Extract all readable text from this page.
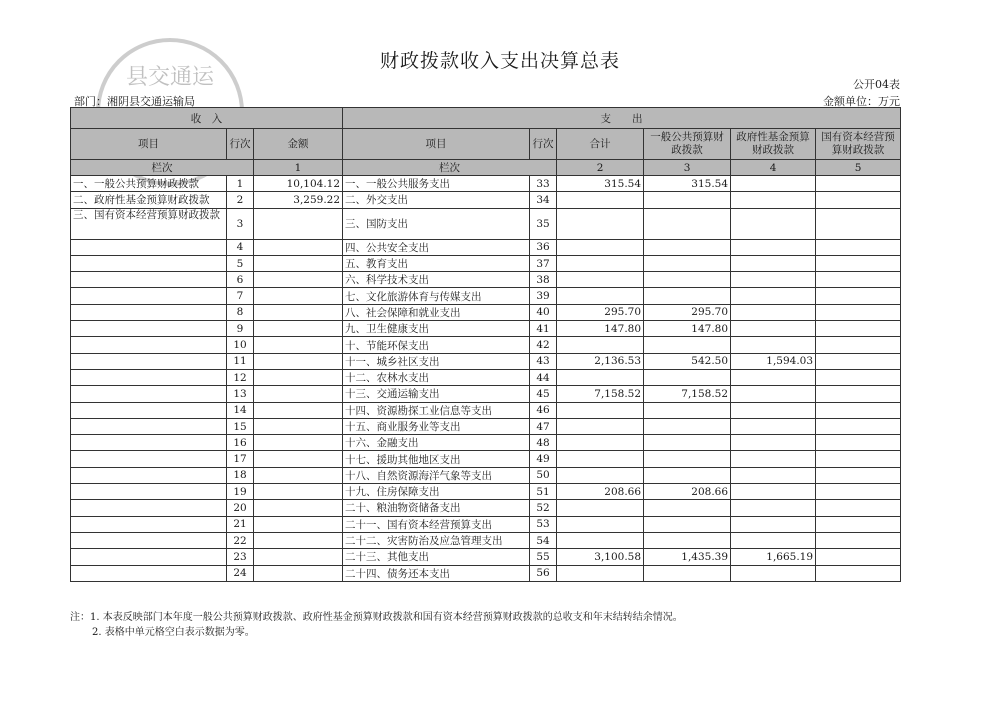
县交通运
财政拨款收入支出决算总表
公开04表
金额单位：万元
部门：湘阴县交通运输局
收　入			支　　出					
项目	行次	金额	项目	行次	合计	一般公共预算财政拨款	政府性基金预算财政拨款	国有资本经营预算财政拨款
栏次		1	栏次		2	3	4	5
一、一般公共预算财政拨款	1	10,104.12	一、一般公共服务支出	33	315.54	315.54		
二、政府性基金预算财政拨款	2	3,259.22	二、外交支出	34				
三、国有资本经营预算财政拨款	3		三、国防支出	35				
	4		四、公共安全支出	36				
	5		五、教育支出	37				
	6		六、科学技术支出	38				
	7		七、文化旅游体育与传媒支出	39				
	8		八、社会保障和就业支出	40	295.70	295.70		
	9		九、卫生健康支出	41	147.80	147.80		
	10		十、节能环保支出	42				
	11		十一、城乡社区支出	43	2,136.53	542.50	1,594.03	
	12		十二、农林水支出	44				
	13		十三、交通运输支出	45	7,158.52	7,158.52		
	14		十四、资源勘探工业信息等支出	46				
	15		十五、商业服务业等支出	47				
	16		十六、金融支出	48				
	17		十七、援助其他地区支出	49				
	18		十八、自然资源海洋气象等支出	50				
	19		十九、住房保障支出	51	208.66	208.66		
	20		二十、粮油物资储备支出	52				
	21		二十一、国有资本经营预算支出	53				
	22		二十二、灾害防治及应急管理支出	54				
	23		二十三、其他支出	55	3,100.58	1,435.39	1,665.19	
	24		二十四、债务还本支出	56				
注：1. 本表反映部门本年度一般公共预算财政拨款、政府性基金预算财政拨款和国有资本经营预算财政拨款的总收支和年末结转结余情况。
2. 表格中单元格空白表示数据为零。
